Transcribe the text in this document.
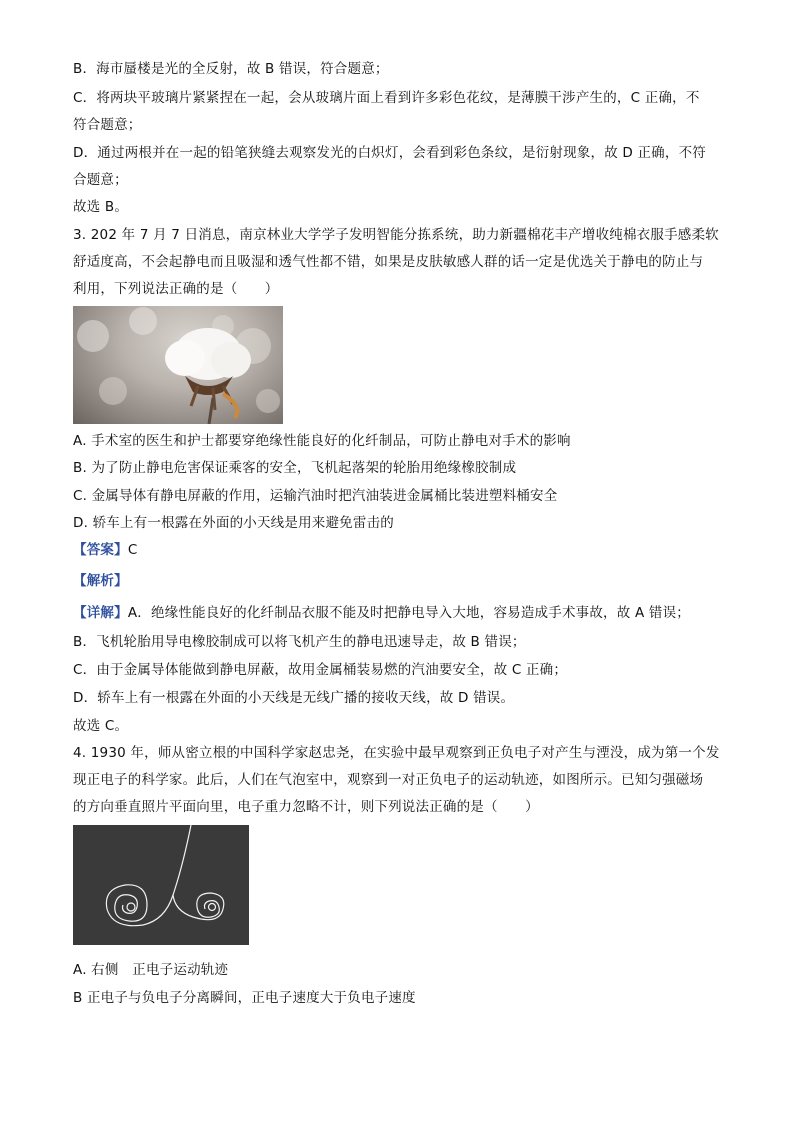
B．海市蜃楼是光的全反射，故 B 错误，符合题意；
C．将两块平玻璃片紧紧捏在一起，会从玻璃片面上看到许多彩色花纹，是薄膜干涉产生的，C 正确，不
符合题意；
D．通过两根并在一起的铅笔狭缝去观察发光的白炽灯，会看到彩色条纹，是衍射现象，故 D 正确，不符
合题意；
故选 B。
3. 202 年 7 月 7 日消息，南京林业大学学子发明智能分拣系统，助力新疆棉花丰产增收纯棉衣服手感柔软
舒适度高，不会起静电而且吸湿和透气性都不错，如果是皮肤敏感人群的话一定是优选关于静电的防止与
利用，下列说法正确的是（　　）
A. 手术室的医生和护士都要穿绝缘性能良好的化纤制品，可防止静电对手术的影响
B. 为了防止静电危害保证乘客的安全，飞机起落架的轮胎用绝缘橡胶制成
C. 金属导体有静电屏蔽的作用，运输汽油时把汽油装进金属桶比装进塑料桶安全
D. 轿车上有一根露在外面的小天线是用来避免雷击的
【答案】C
【解析】
【详解】A．绝缘性能良好的化纤制品衣服不能及时把静电导入大地，容易造成手术事故，故 A 错误；
B．飞机轮胎用导电橡胶制成可以将飞机产生的静电迅速导走，故 B 错误；
C．由于金属导体能做到静电屏蔽，故用金属桶装易燃的汽油要安全，故 C 正确；
D．轿车上有一根露在外面的小天线是无线广播的接收天线，故 D 错误。
故选 C。
4. 1930 年，师从密立根的中国科学家赵忠尧，在实验中最早观察到正负电子对产生与湮没，成为第一个发
现正电子的科学家。此后，人们在气泡室中，观察到一对正负电子的运动轨迹，如图所示。已知匀强磁场
的方向垂直照片平面向里，电子重力忽略不计，则下列说法正确的是（　　）
A. 右侧　正电子运动轨迹
B 正电子与负电子分离瞬间，正电子速度大于负电子速度
